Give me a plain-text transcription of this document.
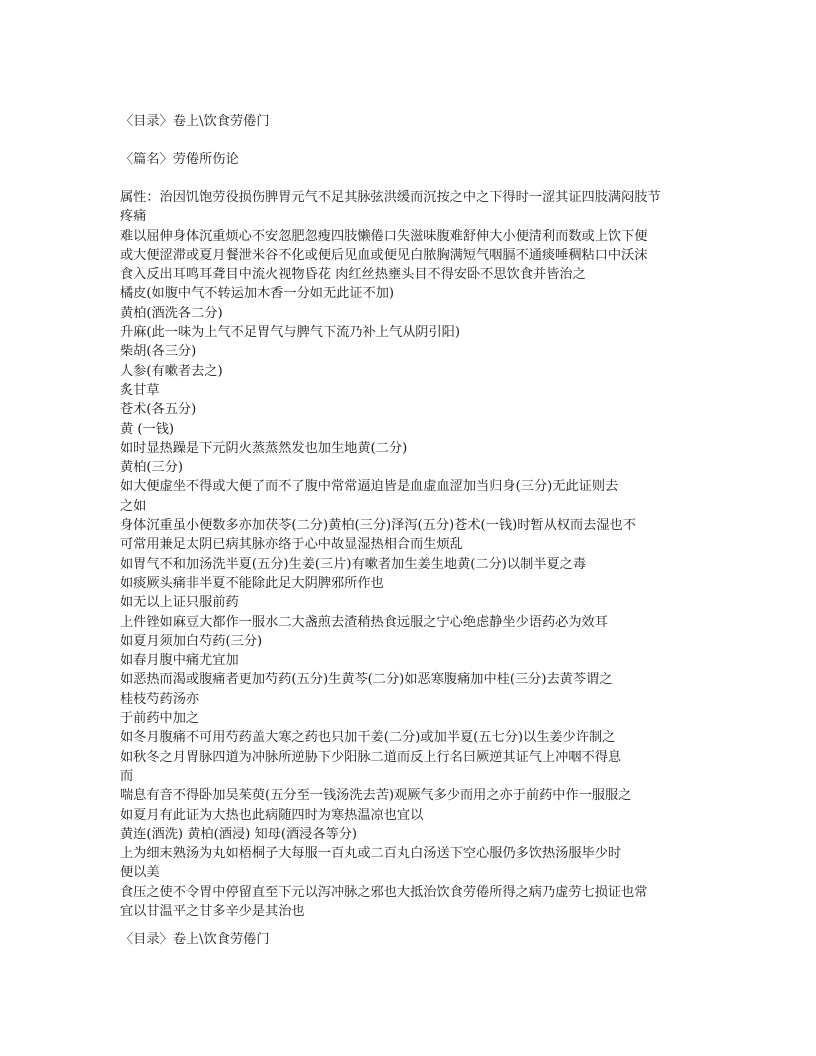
〈目录〉卷上\饮食劳倦门

〈篇名〉劳倦所伤论

属性：治因饥饱劳役损伤脾胃元气不足其脉弦洪缓而沉按之中之下得时一涩其证四肢满闷肢节
疼痛
难以屈伸身体沉重烦心不安忽肥忽瘦四肢懒倦口失滋味腹难舒伸大小便清利而数或上饮下便
或大便涩滞或夏月餐泄米谷不化或便后见血或便见白脓胸满短气咽膈不通痰唾稠粘口中沃沫
食入反出耳鸣耳聋目中流火视物昏花 肉红丝热壅头目不得安卧不思饮食并皆治之
橘皮(如腹中气不转运加木香一分如无此证不加)
黄柏(酒洗各二分)
升麻(此一味为上气不足胃气与脾气下流乃补上气从阴引阳)
柴胡(各三分)
人参(有嗽者去之)
炙甘草
苍术(各五分)
黄 (一钱)
如时显热躁是下元阴火蒸蒸然发也加生地黄(二分)
黄柏(三分)
如大便虚坐不得或大便了而不了腹中常常逼迫皆是血虚血涩加当归身(三分)无此证则去
之如
身体沉重虽小便数多亦加茯苓(二分)黄柏(三分)泽泻(五分)苍术(一钱)时暂从权而去湿也不
可常用兼足太阴已病其脉亦络于心中故显湿热相合而生烦乱
如胃气不和加汤洗半夏(五分)生姜(三片)有嗽者加生姜生地黄(二分)以制半夏之毒
如痰厥头痛非半夏不能除此足大阴脾邪所作也
如无以上证只服前药
上件锉如麻豆大都作一服水二大盏煎去渣稍热食远服之宁心绝虑静坐少语药必为效耳
如夏月须加白芍药(三分)
如春月腹中痛尤宜加
如恶热而渴或腹痛者更加芍药(五分)生黄芩(二分)如恶寒腹痛加中桂(三分)去黄芩谓之
桂枝芍药汤亦
于前药中加之
如冬月腹痛不可用芍药盖大寒之药也只加干姜(二分)或加半夏(五七分)以生姜少许制之
如秋冬之月胃脉四道为冲脉所逆胁下少阳脉二道而反上行名曰厥逆其证气上冲咽不得息
而
喘息有音不得卧加吴茱萸(五分至一钱汤洗去苦)观厥气多少而用之亦于前药中作一服服之
如夏月有此证为大热也此病随四时为寒热温凉也宜以
黄连(酒洗) 黄柏(酒浸) 知母(酒浸各等分)
上为细末熟汤为丸如梧桐子大每服一百丸或二百丸白汤送下空心服仍多饮热汤服毕少时
便以美
食压之使不令胃中停留直至下元以泻冲脉之邪也大抵治饮食劳倦所得之病乃虚劳七损证也常
宜以甘温平之甘多辛少是其治也

〈目录〉卷上\饮食劳倦门
